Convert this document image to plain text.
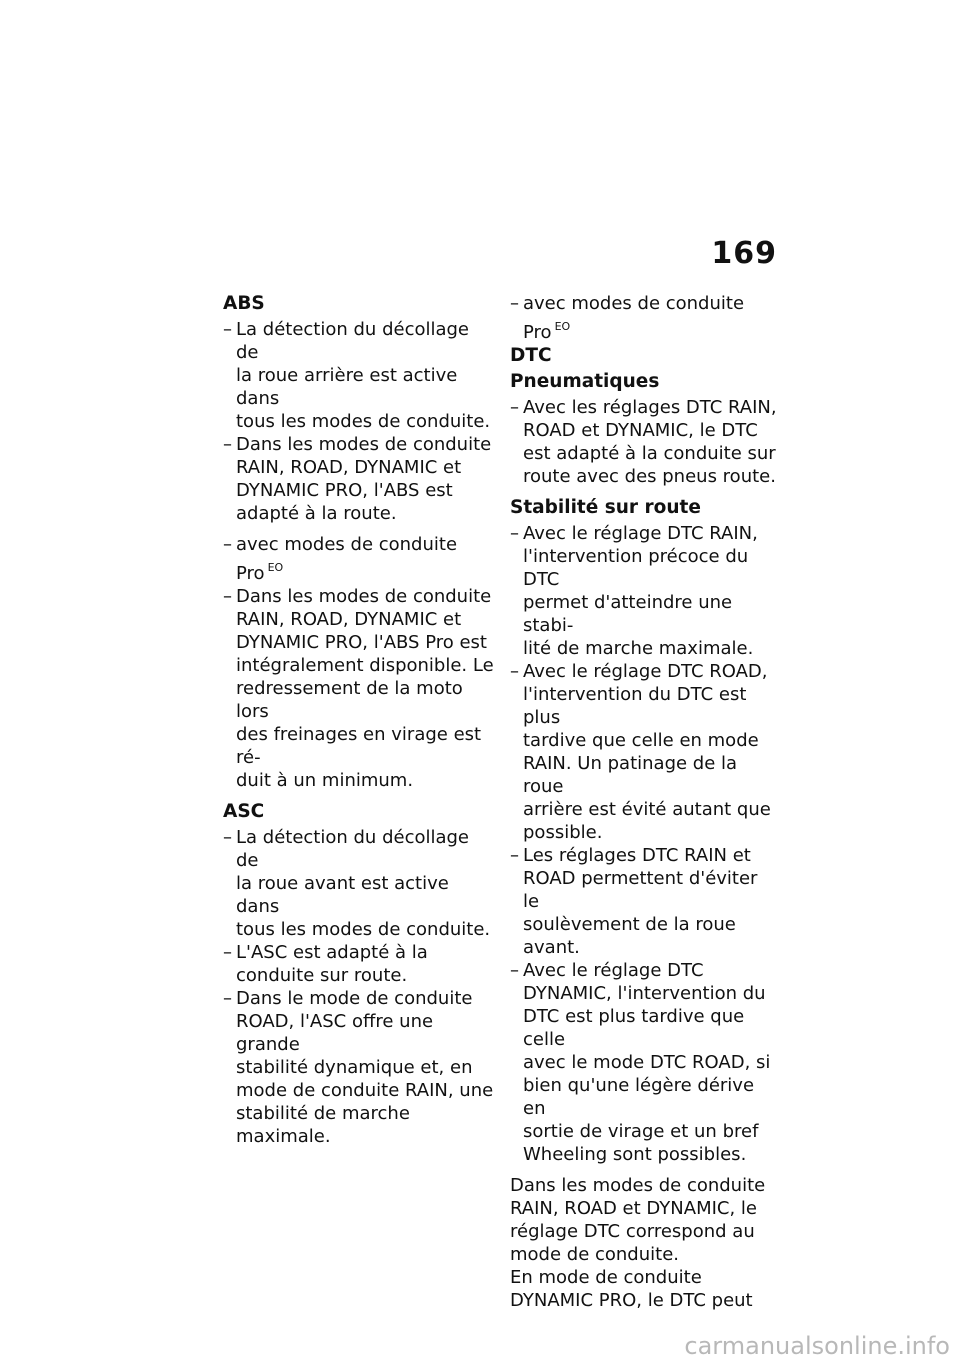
169
ABS
– La détection du décollage de
la roue arrière est active dans
tous les modes de conduite.
– Dans les modes de conduite
RAIN, ROAD, DYNAMIC et
DYNAMIC PRO, l'ABS est
adapté à la route.
– avec modes de conduite
Pro $^{EO}$
– Dans les modes de conduite
RAIN, ROAD, DYNAMIC et
DYNAMIC PRO, l'ABS Pro est
intégralement disponible. Le
redressement de la moto lors
des freinages en virage est ré-
duit à un minimum.
ASC
– La détection du décollage de
la roue avant est active dans
tous les modes de conduite.
– L'ASC est adapté à la
conduite sur route.
– Dans le mode de conduite
ROAD, l'ASC offre une grande
stabilité dynamique et, en
mode de conduite RAIN, une
stabilité de marche maximale.
– avec modes de conduite
Pro $^{EO}$
DTC
Pneumatiques
– Avec les réglages DTC RAIN,
ROAD et DYNAMIC, le DTC
est adapté à la conduite sur
route avec des pneus route.
Stabilité sur route
– Avec le réglage DTC RAIN,
l'intervention précoce du DTC
permet d'atteindre une stabi-
lité de marche maximale.
– Avec le réglage DTC ROAD,
l'intervention du DTC est plus
tardive que celle en mode
RAIN. Un patinage de la roue
arrière est évité autant que
possible.
– Les réglages DTC RAIN et
ROAD permettent d'éviter le
soulèvement de la roue avant.
– Avec le réglage DTC
DYNAMIC, l'intervention du
DTC est plus tardive que celle
avec le mode DTC ROAD, si
bien qu'une légère dérive en
sortie de virage et un bref
Wheeling sont possibles.
Dans les modes de conduite
RAIN, ROAD et DYNAMIC, le
réglage DTC correspond au
mode de conduite.
En mode de conduite
DYNAMIC PRO, le DTC peut
carmanualsonline.info
